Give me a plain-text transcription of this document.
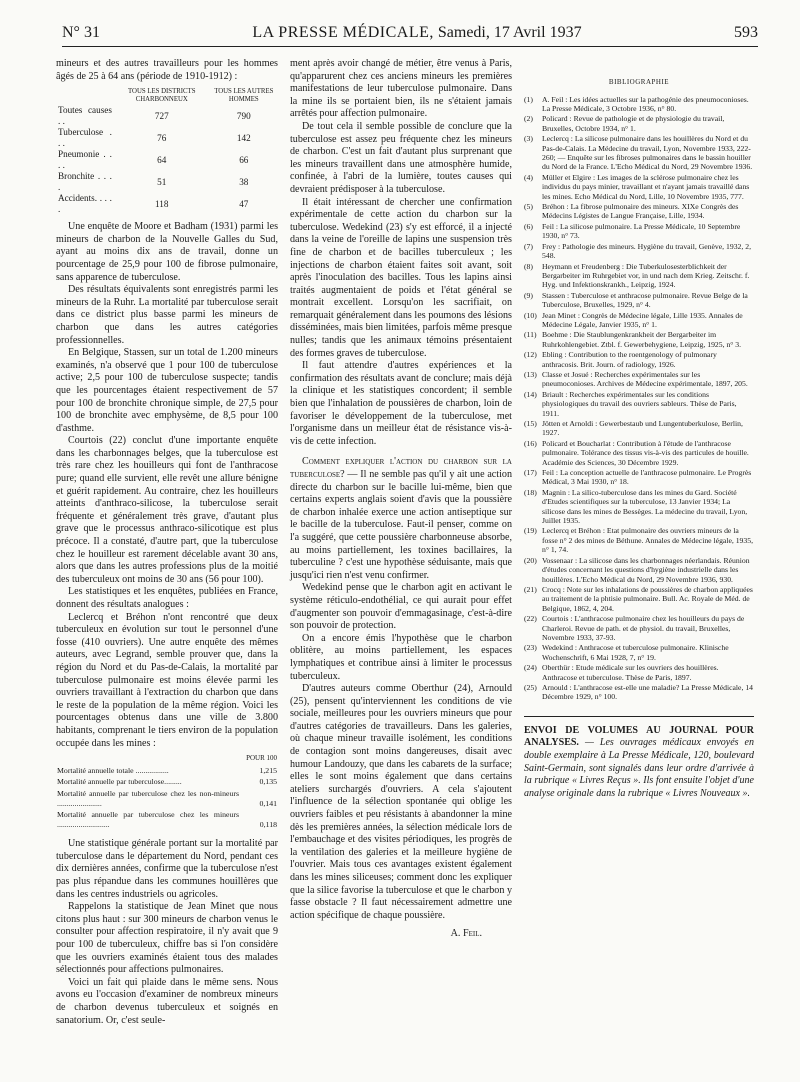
N° 31	LA PRESSE MÉDICALE, Samedi, 17 Avril 1937	593

mineurs et des autres travailleurs pour les hommes âgés de 25 à 64 ans (période de 1910-1912) :

	TOUS LES DISTRICTS CHARBONNEUX	TOUS LES AUTRES HOMMES
Toutes causes . .	727	790
Tuberculose . . .	76	142
Pneumonie . . . .	64	66
Bronchite . . . .	51	38
Accidents. . . . .	118	47

Une enquête de Moore et Badham (1931) parmi les mineurs de charbon de la Nouvelle Galles du Sud, ayant au moins dix ans de travail, donne un pourcentage de 25,9 pour 100 de fibrose pulmonaire, sans apparence de tuberculose.

Des résultats équivalents sont enregistrés parmi les mineurs de la Ruhr. La mortalité par tuberculose serait dans ce district plus basse parmi les mineurs de charbon que dans les autres catégories professionnelles.

En Belgique, Stassen, sur un total de 1.200 mineurs examinés, n'a observé que 1 pour 100 de tuberculose active; 2,5 pour 100 de tuberculose suspecte; tandis que les pourcentages étaient respectivement de 57 pour 100 de bronchite chronique simple, de 27,5 pour 100 de bronchite avec emphysème, de 8,5 pour 100 d'asthme.

Courtois (22) conclut d'une importante enquête dans les charbonnages belges, que la tuberculose est très rare chez les houilleurs qui font de l'anthracose pure; quand elle survient, elle revêt une allure bénigne et guérit rapidement. Au contraire, chez les houilleurs atteints d'anthraco-silicose, la tuberculose serait fréquente et généralement très grave, d'autant plus grave que le processus anthraco-silicotique est plus précoce. Il a constaté, d'autre part, que la tuberculose chez le houilleur est rarement décelable avant 30 ans, alors que dans les autres professions plus de la moitié des tuberculeux ont moins de 30 ans (56 pour 100).

Les statistiques et les enquêtes, publiées en France, donnent des résultats analogues :

Leclercq et Bréhon n'ont rencontré que deux tuberculeux en évolution sur tout le personnel d'une fosse (410 ouvriers). Une autre enquête des mêmes auteurs, avec Legrand, semble prouver que, dans la région du Nord et du Pas-de-Calais, la mortalité par tuberculose pulmonaire est moins élevée parmi les ouvriers travaillant à l'extraction du charbon que dans le reste de la population de la même région. Voici les pourcentages obtenus dans une ville de 3.800 habitants, comprenant le tiers environ de la population occupée dans les mines :

	POUR 100
Mortalité annuelle totale .................	1,215
Mortalité annuelle par tuberculose.........	0,135
Mortalité annuelle par tuberculose chez les non-mineurs .......................	0,141
Mortalité annuelle par tuberculose chez les mineurs ...........................	0,118

Une statistique générale portant sur la mortalité par tuberculose dans le département du Nord, pendant ces dix dernières années, confirme que la tuberculose n'est pas plus répandue dans les communes houillères que dans les centres industriels ou agricoles.

Rappelons la statistique de Jean Minet que nous citons plus haut : sur 300 mineurs de charbon venus le consulter pour affection respiratoire, il n'y avait que 9 pour 100 de tuberculeux, chiffre bas si l'on considère que les ouvriers examinés étaient tous des malades sélectionnés pour affections pulmonaires.

Voici un fait qui plaide dans le même sens. Nous avons eu l'occasion d'examiner de nombreux mineurs de charbon devenus tuberculeux et soignés en sanatorium. Or, c'est seule-

ment après avoir changé de métier, être venus à Paris, qu'apparurent chez ces anciens mineurs les premières manifestations de leur tuberculose pulmonaire. Dans la mine ils se portaient bien, ils ne s'étaient jamais arrêtés pour affection pulmonaire.

De tout cela il semble possible de conclure que la tuberculose est assez peu fréquente chez les mineurs de charbon. C'est un fait d'autant plus surprenant que les mineurs travaillent dans une atmosphère humide, confinée, à l'abri de la lumière, toutes causes qui devraient prédisposer à la tuberculose.

Il était intéressant de chercher une confirmation expérimentale de cette action du charbon sur la tuberculose. Wedekind (23) s'y est efforcé, il a injecté dans la veine de l'oreille de lapins une suspension très fine de charbon et de bacilles tuberculeux ; les injections de charbon étaient faites soit avant, soit après l'inoculation des bacilles. Tous les lapins ainsi traités augmentaient de poids et l'état général se montrait excellent. Lorsqu'on les sacrifiait, on remarquait généralement dans les poumons des lésions disséminées, mais bien limitées, parfois même presque nulles; tandis que les animaux témoins présentaient des formes graves de tuberculose.

Il faut attendre d'autres expériences et la confirmation des résultats avant de conclure; mais déjà la clinique et les statistiques concordent; il semble bien que l'inhalation de poussières de charbon, loin de favoriser le développement de la tuberculose, met l'organisme dans un meilleur état de résistance vis-à-vis de cette infection.

Comment expliquer l'action du charbon sur la tuberculose? — Il ne semble pas qu'il y ait une action directe du charbon sur le bacille lui-même, bien que certains experts anglais soient d'avis que la poussière de charbon inhalée exerce une action antiseptique sur le bacille de la tuberculose. Faut-il penser, comme on l'a suggéré, que cette poussière charbonneuse absorbe, au moins partiellement, les toxines bacillaires, la tuberculine ? c'est une hypothèse séduisante, mais que jusqu'ici rien n'est venu confirmer.

Wedekind pense que le charbon agit en activant le système réticulo-endothélial, ce qui aurait pour effet d'augmenter son pouvoir d'emmagasinage, c'est-à-dire son pouvoir de protection.

On a encore émis l'hypothèse que le charbon oblitère, au moins partiellement, les espaces lymphatiques et contribue ainsi à limiter le processus tuberculeux.

D'autres auteurs comme Oberthur (24), Arnould (25), pensent qu'interviennent les conditions de vie sociale, meilleures pour les ouvriers mineurs que pour d'autres catégories de travailleurs. Dans les galeries, où chaque mineur travaille isolément, les conditions de contagion sont moins dangereuses, disait avec humour Landouzy, que dans les cabarets de la surface; elles le sont moins également que dans certains ateliers surchargés d'ouvriers. A cela s'ajoutent l'influence de la sélection spontanée qui oblige les ouvriers faibles et peu résistants à abandonner la mine dès les premières années, la sélection médicale lors de l'embauchage et des visites périodiques, les progrès de la ventilation des galeries et la meilleure hygiène de l'ouvrier. Mais tous ces avantages existent également dans les mines siliceuses; comment donc les expliquer que la silice favorise la tuberculose et que le charbon y fasse obstacle ? Il faut nécessairement admettre une action spécifique de chaque poussière.

A. Feil.
BIBLIOGRAPHIE
(1)	A. Feil : Les idées actuelles sur la pathogénie des pneumoconioses. La Presse Médicale, 3 Octobre 1936, n° 80.
(2)	Policard : Revue de pathologie et de physiologie du travail, Bruxelles, Octobre 1934, n° 1.
(3)	Leclercq : La silicose pulmonaire dans les houillères du Nord et du Pas-de-Calais. La Médecine du travail, Lyon, Novembre 1933, 222-260; — Enquête sur les fibroses pulmonaires dans le bassin houiller du Nord de la France. L'Echo Médical du Nord, 29 Novembre 1936.
(4)	Müller et Elgire : Les images de la sclérose pulmonaire chez les individus du pays minier, travaillant et n'ayant jamais travaillé dans les mines. Echo Médical du Nord, Lille, 10 Novembre 1935, 777.
(5)	Bréhon : La fibrose pulmonaire des mineurs. XIXe Congrès des Médecins Légistes de Langue Française, Lille, 1934.
(6)	Feil : La silicose pulmonaire. La Presse Médicale, 10 Septembre 1930, n° 73.
(7)	Frey : Pathologie des mineurs. Hygiène du travail, Genève, 1932, 2, 548.
(8)	Heymann et Freudenberg : Die Tuberkulosesterblichkeit der Bergarbeiter im Ruhrgebiet vor, in und nach dem Krieg. Zeitschr. f. Hyg. und Infektionskrankh., Leipzig, 1924.
(9)	Stassen : Tuberculose et anthracose pulmonaire. Revue Belge de la Tuberculose, Bruxelles, 1929, n° 4.
(10) Jean Minet : Congrès de Médecine légale, Lille 1935. Annales de Médecine Légale, Janvier 1935, n° 1.
(11) Boehme : Die Staublungenkrankheit der Bergarbeiter im Ruhrkohlengebiet. Ztbl. f. Gewerbehygiene, Leipzig, 1925, n° 3.
(12) Ebling : Contribution to the roentgenology of pulmonary anthracosis. Brit. Journ. of radiology, 1926.
(13) Classe et Josué : Recherches expérimentales sur les pneumoconioses. Archives de Médecine expérimentale, 1897, 205.
(14) Briault : Recherches expérimentales sur les conditions physiologiques du travail des ouvriers sableurs. Thèse de Paris, 1911.
(15) Jötten et Arnoldi : Gewerbestaub und Lungentuberkulose, Berlin, 1927.
(16) Policard et Boucharlat : Contribution à l'étude de l'anthracose pulmonaire. Tolérance des tissus vis-à-vis des particules de houille. Académie des Sciences, 30 Décembre 1929.
(17) Feil : La conception actuelle de l'anthracose pulmonaire. Le Progrès Médical, 3 Mai 1930, n° 18.
(18) Magnin : La silico-tuberculose dans les mines du Gard. Société d'Etudes scientifiques sur la tuberculose, 13 Janvier 1934; La silicose dans les mines de Bessèges. La médecine du travail, Lyon, Juillet 1935.
(19) Leclercq et Bréhon : Etat pulmonaire des ouvriers mineurs de la fosse n° 2 des mines de Béthune. Annales de Médecine légale, 1935, n° 1, 74.
(20) Vossenaar : La silicose dans les charbonnages néerlandais. Réunion d'études concernant les questions d'hygiène industrielle dans les houillères. L'Echo Médical du Nord, 29 Novembre 1936, 930.
(21) Crocq : Note sur les inhalations de poussières de charbon appliquées au traitement de la phtisie pulmonaire. Bull. Ac. Royale de Méd. de Belgique, 1862, 4, 204.
(22) Courtois : L'anthracose pulmonaire chez les houilleurs du pays de Charleroi. Revue de path. et de physiol. du travail, Bruxelles, Novembre 1933, 37-93.
(23) Wedekind : Anthracose et tuberculose pulmonaire. Klinische Wochenschrift, 6 Mai 1928, 7, n° 19.
(24) Oberthür : Etude médicale sur les ouvriers des houillères. Anthracose et tuberculose. Thèse de Paris, 1897.
(25) Arnould : L'anthracose est-elle une maladie? La Presse Médicale, 14 Décembre 1929, n° 100.
ENVOI DE VOLUMES AU JOURNAL POUR ANALYSES. — Les ouvrages médicaux envoyés en double exemplaire à La Presse Médicale, 120, boulevard Saint-Germain, sont signalés dans leur ordre d'arrivée à la rubrique « Livres Reçus ». Ils font ensuite l'objet d'une analyse originale dans la rubrique « Livres Nouveaux ».
